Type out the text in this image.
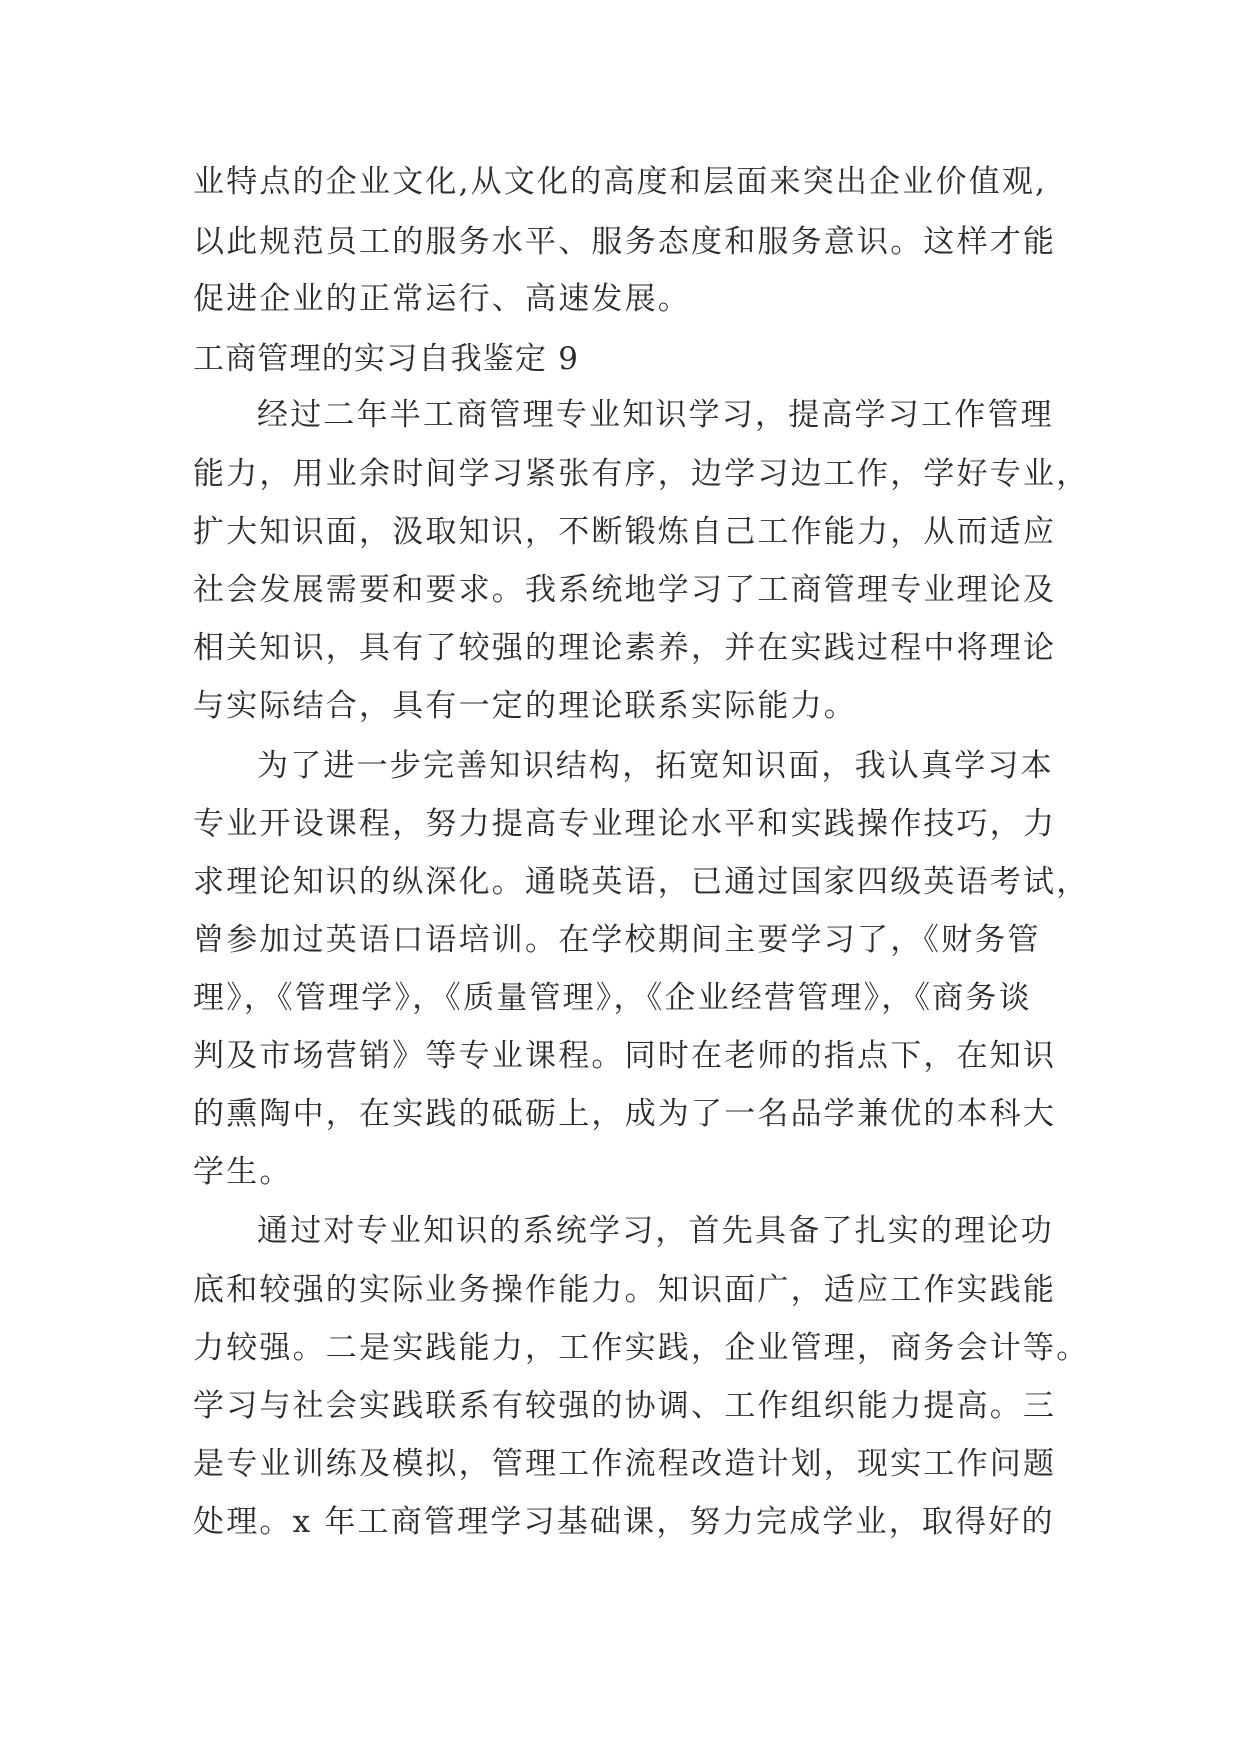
业特点的企业文化,从文化的高度和层面来突出企业价值观,
以此规范员工的服务水平、服务态度和服务意识。这样才能
促进企业的正常运行、高速发展。
工商管理的实习自我鉴定 9
经过二年半工商管理专业知识学习，提高学习工作管理
能力，用业余时间学习紧张有序，边学习边工作，学好专业，
扩大知识面，汲取知识，不断锻炼自己工作能力，从而适应
社会发展需要和要求。我系统地学习了工商管理专业理论及
相关知识，具有了较强的理论素养，并在实践过程中将理论
与实际结合，具有一定的理论联系实际能力。
为了进一步完善知识结构，拓宽知识面，我认真学习本
专业开设课程，努力提高专业理论水平和实践操作技巧，力
求理论知识的纵深化。通晓英语，已通过国家四级英语考试，
曾参加过英语口语培训。在学校期间主要学习了，《财务管
理》，《管理学》，《质量管理》，《企业经营管理》，《商务谈
判及市场营销》等专业课程。同时在老师的指点下，在知识
的熏陶中，在实践的砥砺上，成为了一名品学兼优的本科大
学生。
通过对专业知识的系统学习，首先具备了扎实的理论功
底和较强的实际业务操作能力。知识面广，适应工作实践能
力较强。二是实践能力，工作实践，企业管理，商务会计等。
学习与社会实践联系有较强的协调、工作组织能力提高。三
是专业训练及模拟，管理工作流程改造计划，现实工作问题
处理。x 年工商管理学习基础课，努力完成学业，取得好的
